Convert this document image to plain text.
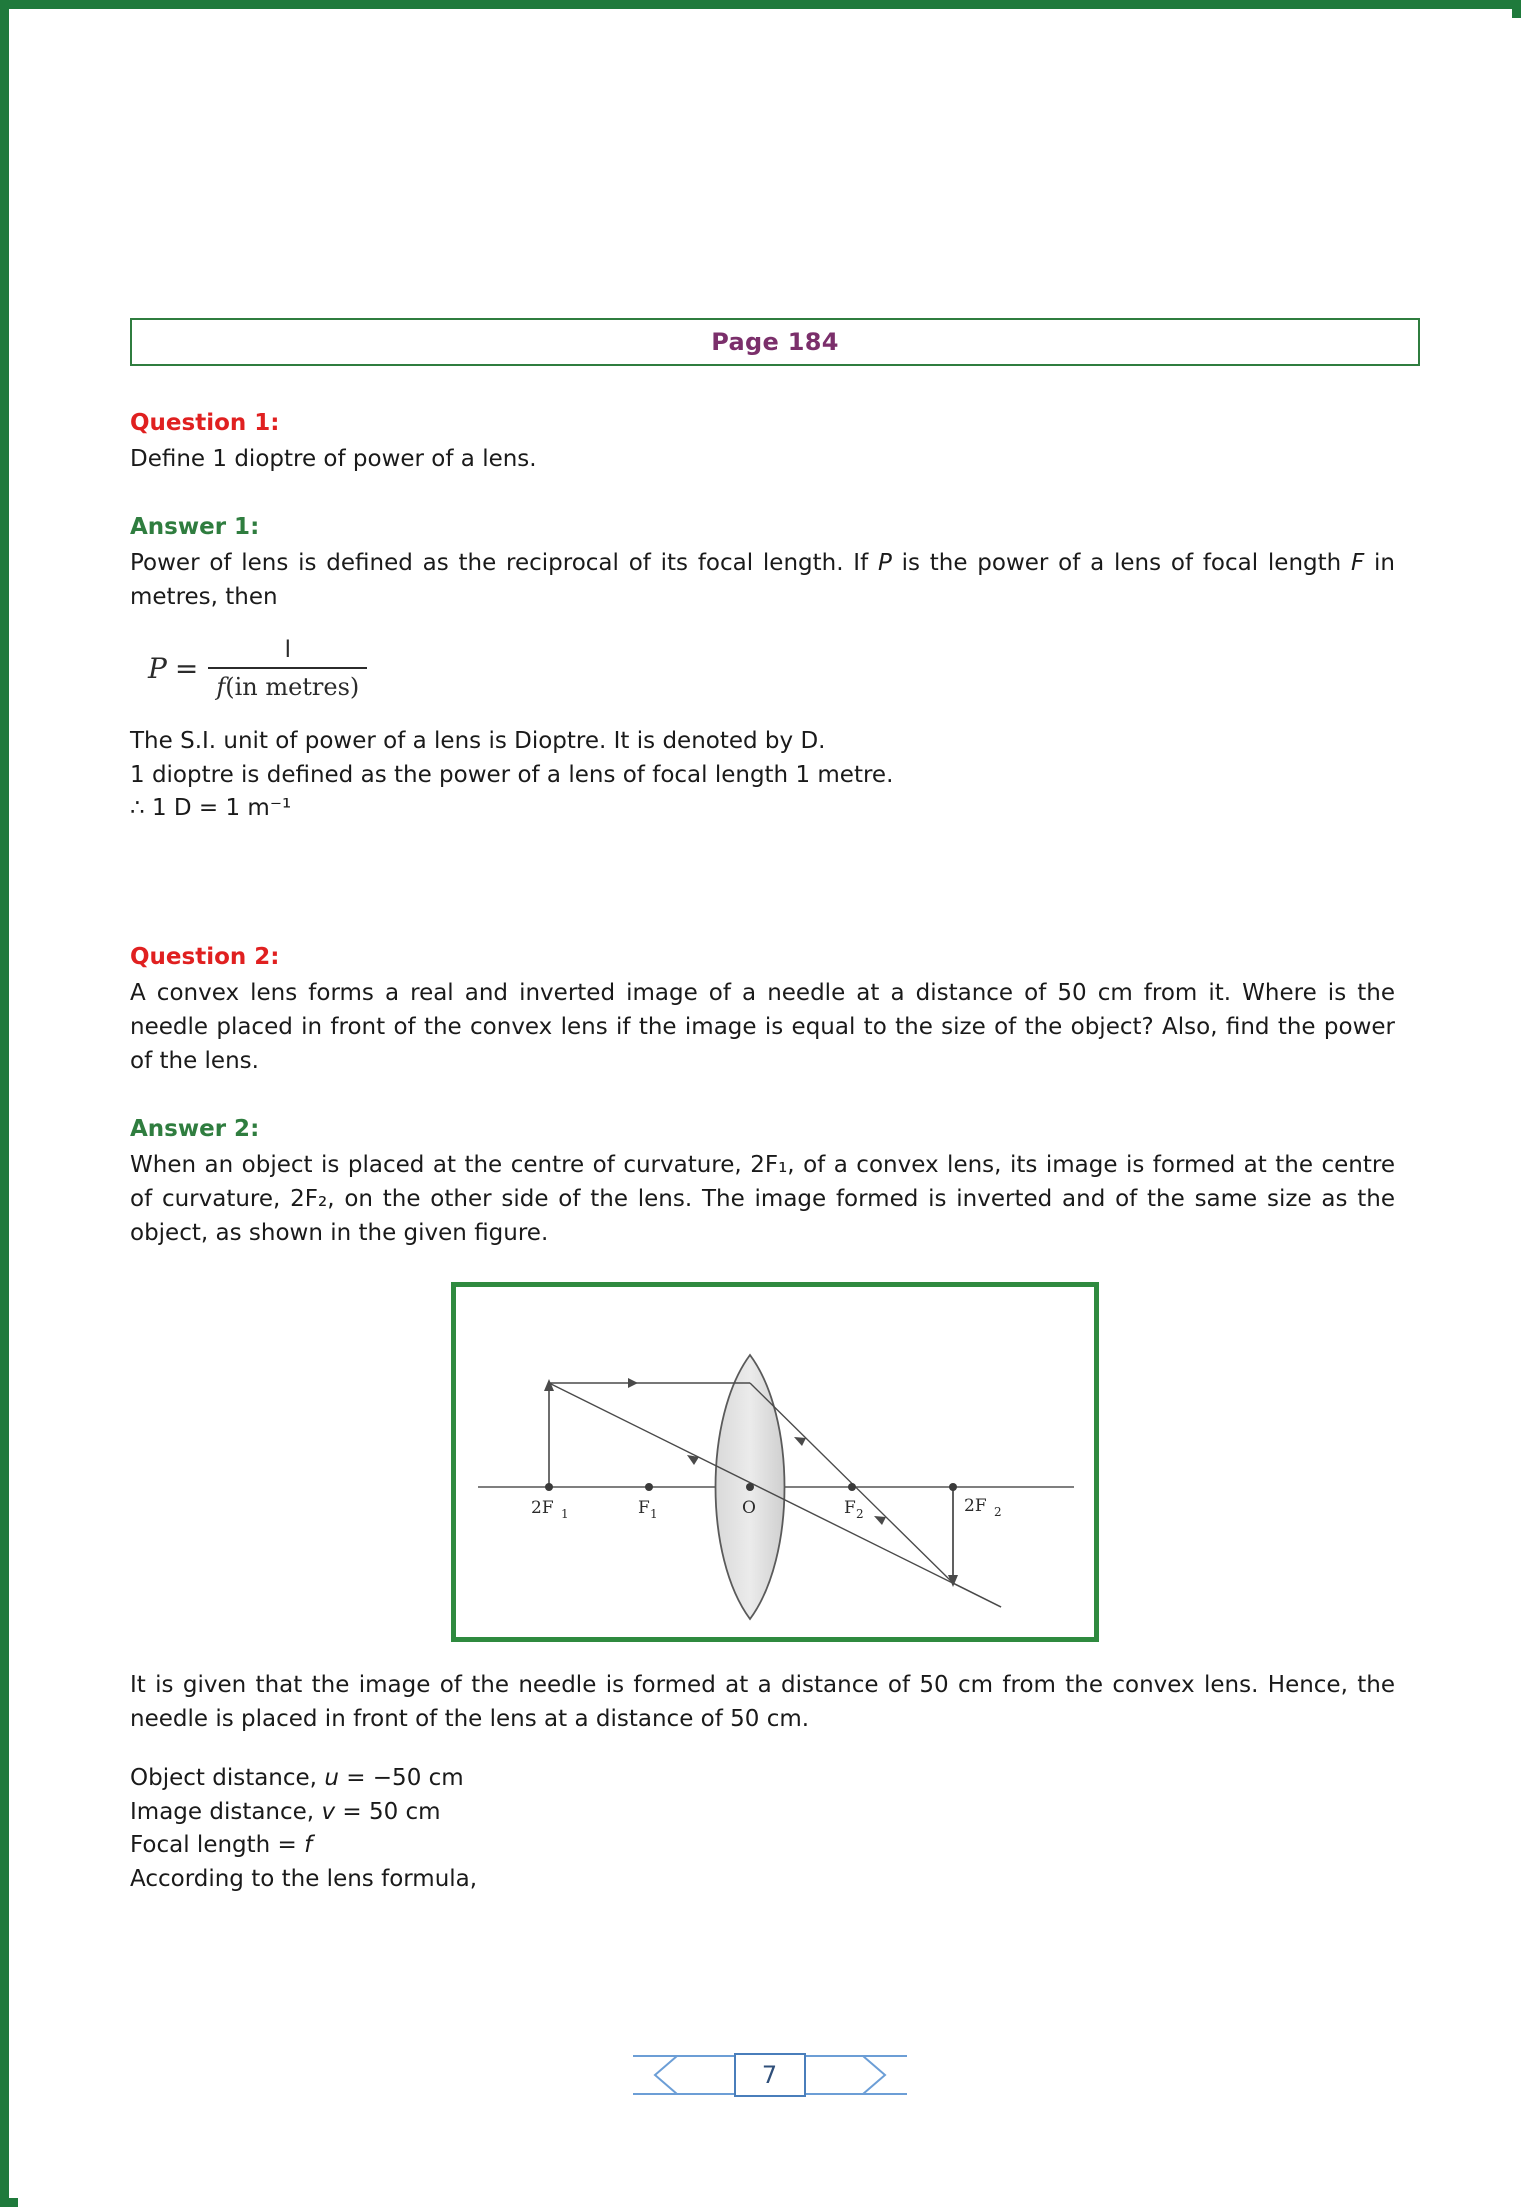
Page 184
Question 1:
Define 1 dioptre of power of a lens.
Answer 1:
Power of lens is defined as the reciprocal of its focal length. If P is the power of a lens of focal length F in metres, then
$P = \frac{l}{\text{f(in metres)}}$
The S.I. unit of power of a lens is Dioptre. It is denoted by D.
1 dioptre is defined as the power of a lens of focal length 1 metre.
∴ 1 D = 1 m⁻¹
Question 2:
A convex lens forms a real and inverted image of a needle at a distance of 50 cm from it. Where is the needle placed in front of the convex lens if the image is equal to the size of the object? Also, find the power of the lens.
Answer 2:
When an object is placed at the centre of curvature, 2F₁, of a convex lens, its image is formed at the centre of curvature, 2F₂, on the other side of the lens. The image formed is inverted and of the same size as the object, as shown in the given figure.
2F 1	F 1	O	F 2	2F 2
It is given that the image of the needle is formed at a distance of 50 cm from the convex lens. Hence, the needle is placed in front of the lens at a distance of 50 cm.
Object distance, u = −50 cm
Image distance, v = 50 cm
Focal length = f
According to the lens formula,
7
